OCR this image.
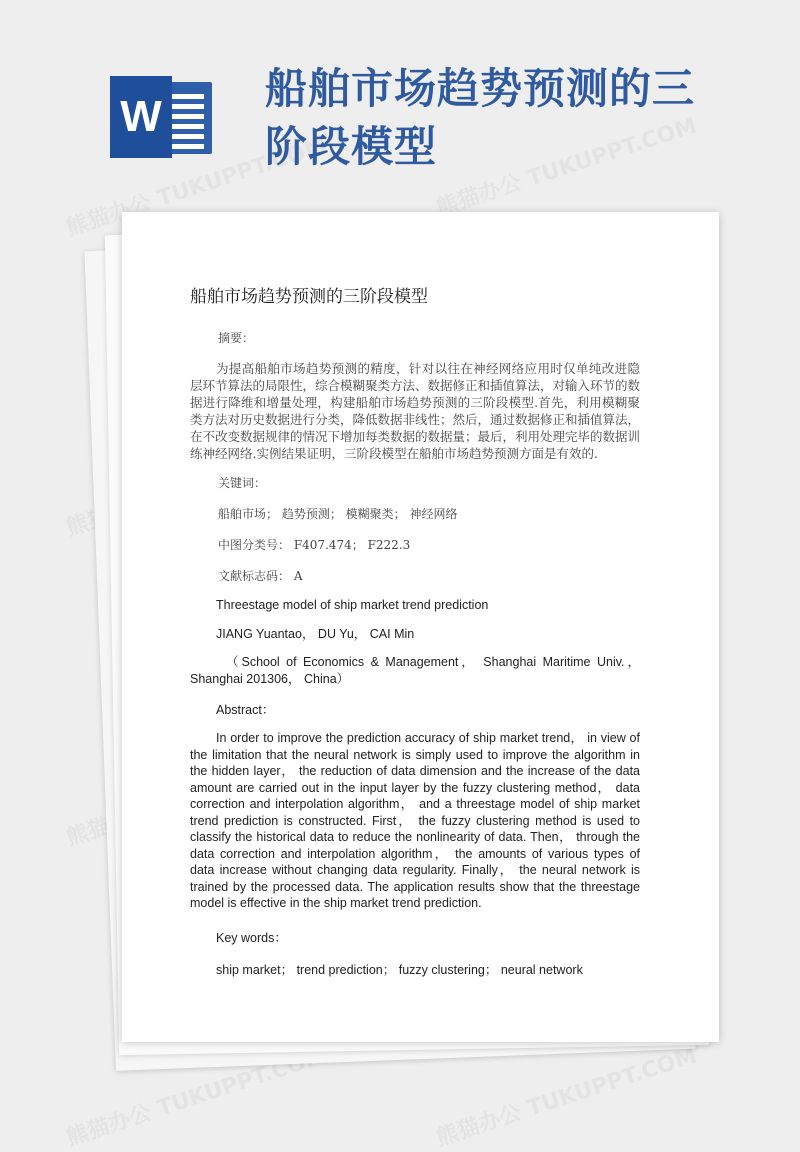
W
船舶市场趋势预测的三阶段模型
船舶市场趋势预测的三阶段模型

摘要：

为提高船舶市场趋势预测的精度，针对以往在神经网络应用时仅单纯改进隐层环节算法的局限性，综合模糊聚类方法、数据修正和插值算法，对输入环节的数据进行降维和增量处理，构建船舶市场趋势预测的三阶段模型.首先，利用模糊聚类方法对历史数据进行分类，降低数据非线性；然后，通过数据修正和插值算法，在不改变数据规律的情况下增加每类数据的数据量；最后，利用处理完毕的数据训练神经网络.实例结果证明，三阶段模型在船舶市场趋势预测方面是有效的.

关键词：

船舶市场； 趋势预测； 模糊聚类； 神经网络

中图分类号： F407.474； F222.3

文献标志码： A

Threestage model of ship market trend prediction

JIANG Yuantao， DU Yu， CAI Min

（School of Economics & Management， Shanghai Maritime Univ.， Shanghai 201306， China）

Abstract：

In order to improve the prediction accuracy of ship market trend， in view of the limitation that the neural network is simply used to improve the algorithm in the hidden layer， the reduction of data dimension and the increase of the data amount are carried out in the input layer by the fuzzy clustering method， data correction and interpolation algorithm， and a threestage model of ship market trend prediction is constructed. First， the fuzzy clustering method is used to classify the historical data to reduce the nonlinearity of data. Then， through the data correction and interpolation algorithm， the amounts of various types of data increase without changing data regularity. Finally， the neural network is trained by the processed data. The application results show that the threestage model is effective in the ship market trend prediction.

Key words：

ship market； trend prediction； fuzzy clustering； neural network
